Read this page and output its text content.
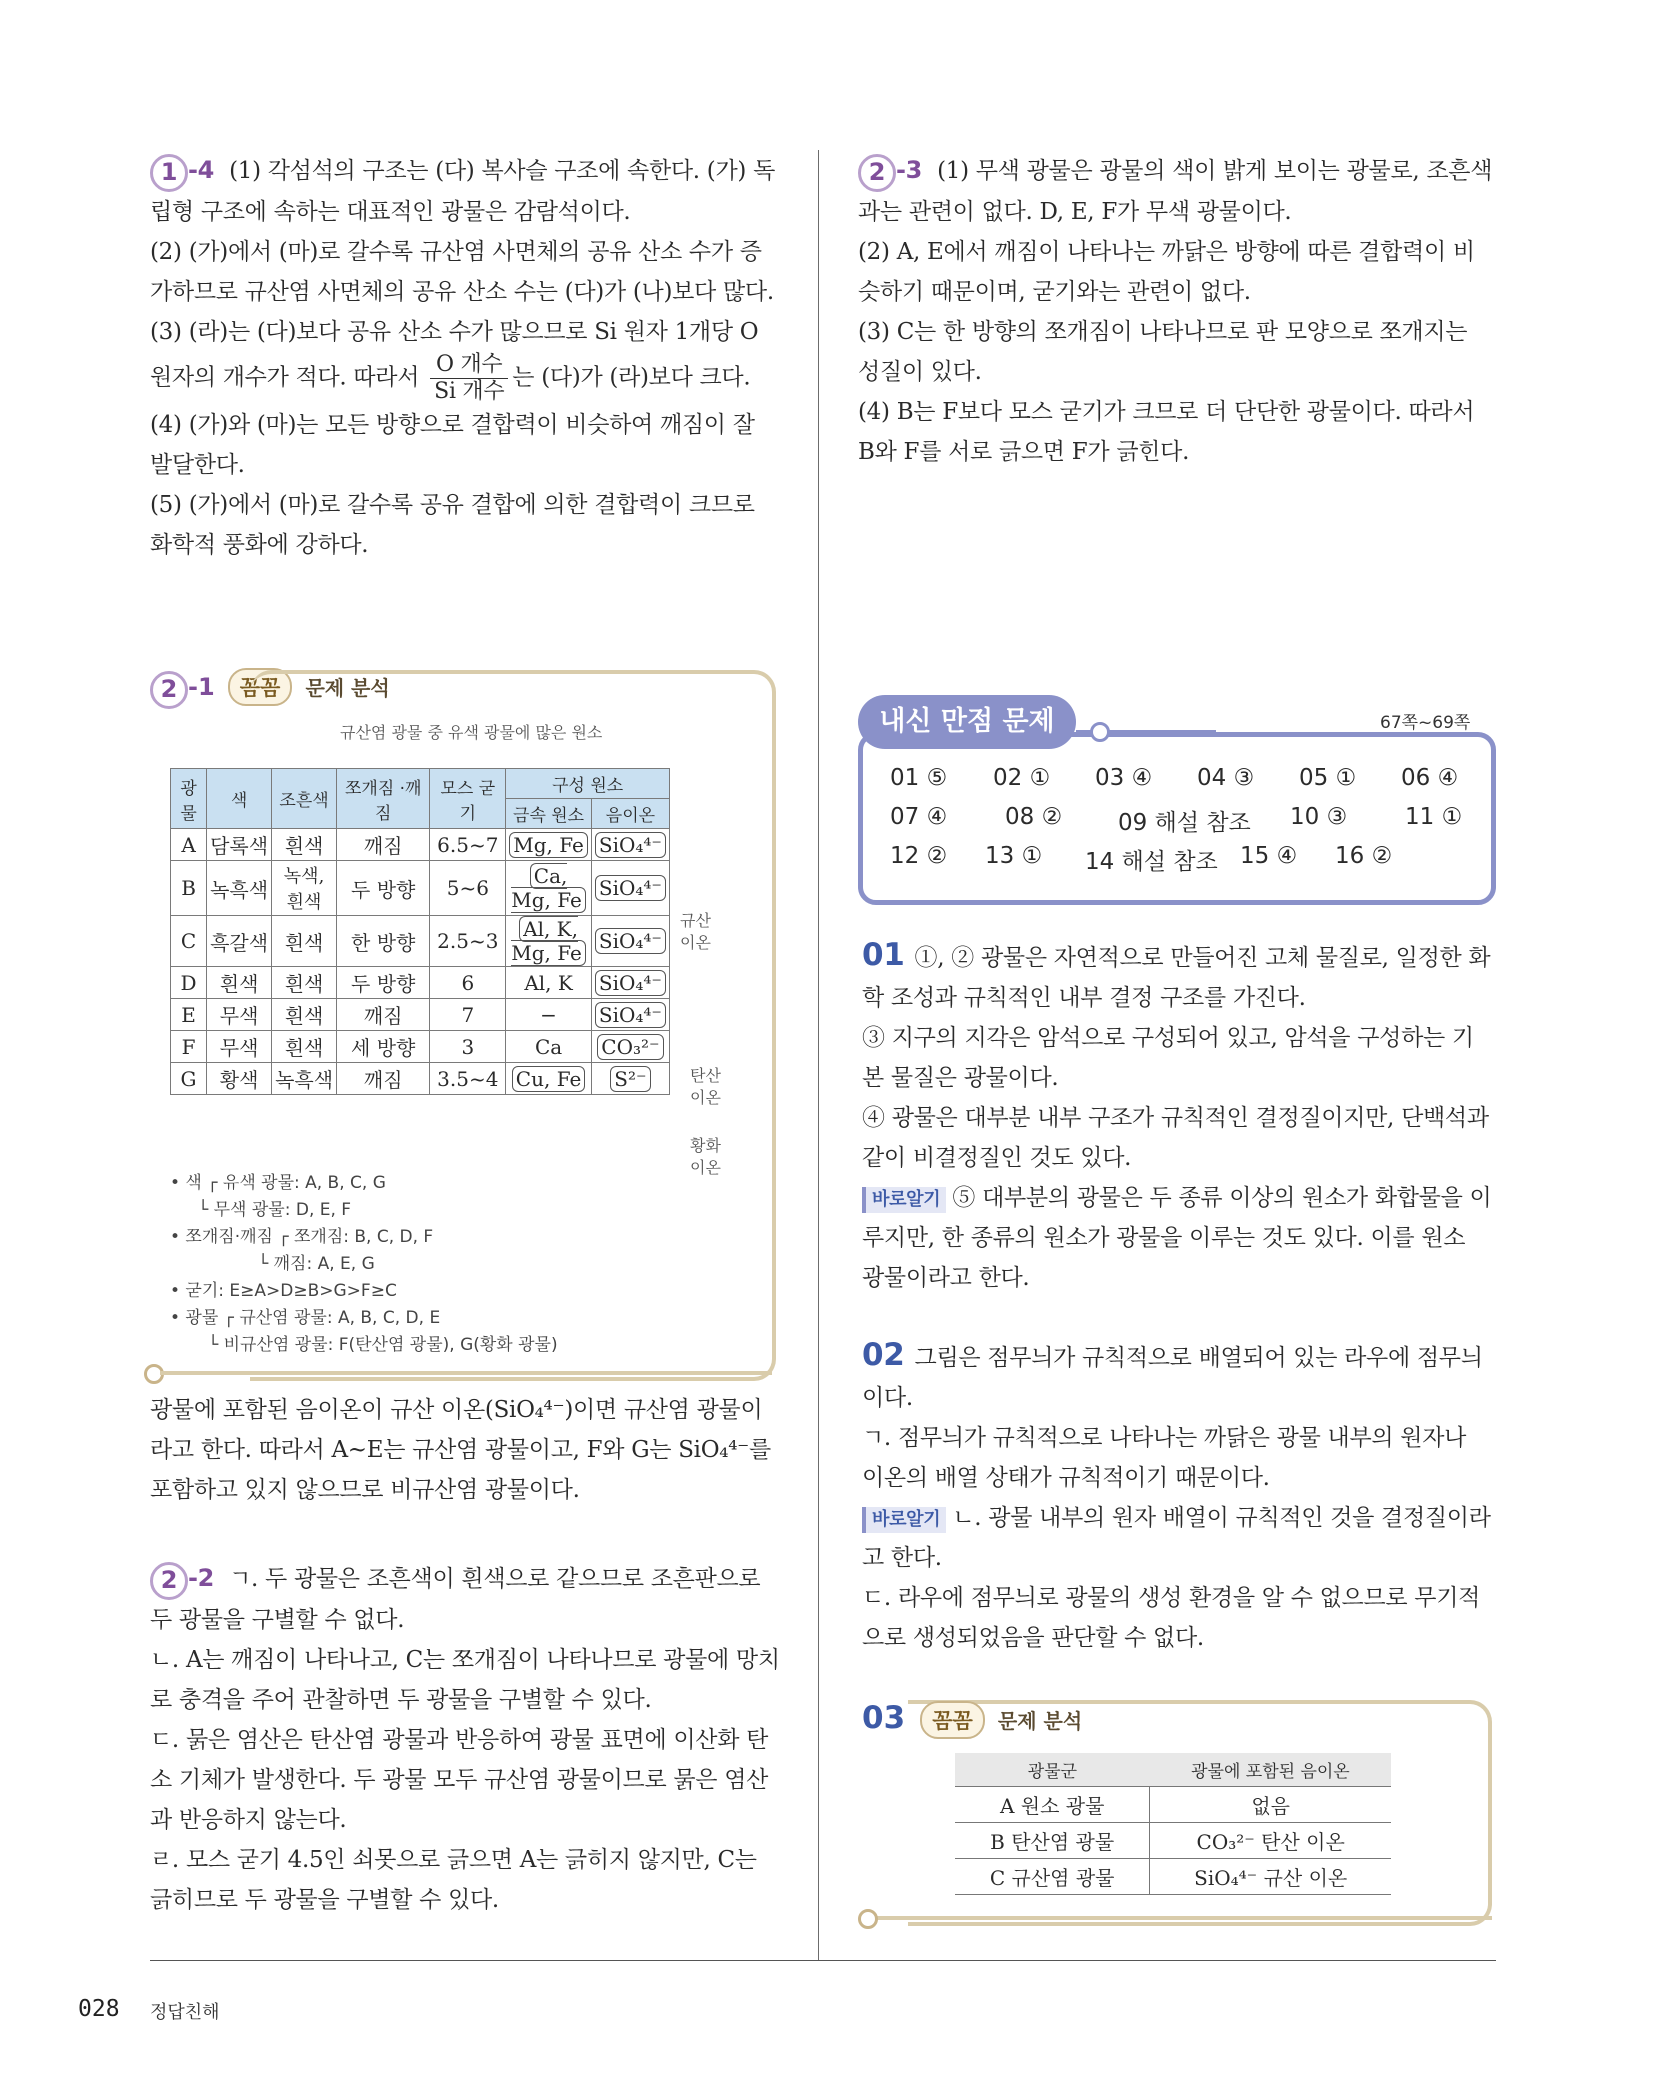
1 -4 (1) 각섬석의 구조는 (다) 복사슬 구조에 속한다. (가) 독립형 구조에 속하는 대표적인 광물은 감람석이다.

(2) (가)에서 (마)로 갈수록 규산염 사면체의 공유 산소 수가 증가하므로 규산염 사면체의 공유 산소 수는 (다)가 (나)보다 많다.

(3) (라)는 (다)보다 공유 산소 수가 많으므로 Si 원자 1개당 O 원자의 개수가 적다. 따라서 $\frac{\text{O 개수}}{\text{Si 개수}}$ 는 (다)가 (라)보다 크다.

(4) (가)와 (마)는 모든 방향으로 결합력이 비슷하여 깨짐이 잘 발달한다.

(5) (가)에서 (마)로 갈수록 공유 결합에 의한 결합력이 크므로 화학적 풍화에 강하다.

2 -1 꼼꼼 문제 분석
규산염 광물 중 유색 광물에 많은 원소
광물	색	조흔색	쪼개짐 ·깨짐	모스 굳기	구성 원소	
					금속 원소	음이온
A	담록색	흰색	깨짐	6.5~7	Mg, Fe	SiO₄⁴⁻
B	녹흑색	녹색, 흰색	두 방향	5~6	Ca, Mg, Fe	SiO₄⁴⁻
C	흑갈색	흰색	한 방향	2.5~3	Al, K, Mg, Fe	SiO₄⁴⁻
D	흰색	흰색	두 방향	6	Al, K	SiO₄⁴⁻
E	무색	흰색	깨짐	7	−	SiO₄⁴⁻
F	무색	흰색	세 방향	3	Ca	CO₃²⁻
G	황색	녹흑색	깨짐	3.5~4	Cu, Fe	S²⁻
규산 이온
탄산 이온
황화 이온

• 색 ┌ 유색 광물: A, B, C, G

└ 무색 광물: D, E, F

• 쪼개짐·깨짐 ┌ 쪼개짐: B, C, D, F

└ 깨짐: A, E, G

• 굳기: E≥A>D≥B>G>F≥C

• 광물 ┌ 규산염 광물: A, B, C, D, E

└ 비규산염 광물: F(탄산염 광물), G(황화 광물)

광물에 포함된 음이온이 규산 이온(SiO₄⁴⁻)이면 규산염 광물이라고 한다. 따라서 A~E는 규산염 광물이고, F와 G는 SiO₄⁴⁻를 포함하고 있지 않으므로 비규산염 광물이다.

2 -2 ㄱ. 두 광물은 조흔색이 흰색으로 같으므로 조흔판으로 두 광물을 구별할 수 없다.

ㄴ. A는 깨짐이 나타나고, C는 쪼개짐이 나타나므로 광물에 망치로 충격을 주어 관찰하면 두 광물을 구별할 수 있다.

ㄷ. 묽은 염산은 탄산염 광물과 반응하여 광물 표면에 이산화 탄소 기체가 발생한다. 두 광물 모두 규산염 광물이므로 묽은 염산과 반응하지 않는다.

ㄹ. 모스 굳기 4.5인 쇠못으로 긁으면 A는 긁히지 않지만, C는 긁히므로 두 광물을 구별할 수 있다.

2 -3 (1) 무색 광물은 광물의 색이 밝게 보이는 광물로, 조흔색과는 관련이 없다. D, E, F가 무색 광물이다.

(2) A, E에서 깨짐이 나타나는 까닭은 방향에 따른 결합력이 비슷하기 때문이며, 굳기와는 관련이 없다.

(3) C는 한 방향의 쪼개짐이 나타나므로 판 모양으로 쪼개지는 성질이 있다.

(4) B는 F보다 모스 굳기가 크므로 더 단단한 광물이다. 따라서 B와 F를 서로 긁으면 F가 긁힌다.

내신 만점 문제	67쪽~69쪽
01 ⑤ 02 ① 03 ④ 04 ③ 05 ① 06 ④
07 ④	08 ② 09 해설 참조 10 ③	11 ①
12 ② 13 ① 14 해설 참조 15 ④ 16 ②

01 ①, ② 광물은 자연적으로 만들어진 고체 물질로, 일정한 화학 조성과 규칙적인 내부 결정 구조를 가진다.

③ 지구의 지각은 암석으로 구성되어 있고, 암석을 구성하는 기본 물질은 광물이다.

④ 광물은 대부분 내부 구조가 규칙적인 결정질이지만, 단백석과 같이 비결정질인 것도 있다.

바로알기 ⑤ 대부분의 광물은 두 종류 이상의 원소가 화합물을 이루지만, 한 종류의 원소가 광물을 이루는 것도 있다. 이를 원소 광물이라고 한다.

02 그림은 점무늬가 규칙적으로 배열되어 있는 라우에 점무늬이다.

ㄱ. 점무늬가 규칙적으로 나타나는 까닭은 광물 내부의 원자나 이온의 배열 상태가 규칙적이기 때문이다.

바로알기 ㄴ. 광물 내부의 원자 배열이 규칙적인 것을 결정질이라고 한다.

ㄷ. 라우에 점무늬로 광물의 생성 환경을 알 수 없으므로 무기적으로 생성되었음을 판단할 수 없다.

03 꼼꼼 문제 분석
광물군	광물에 포함된 음이온
A 원소 광물	없음
B 탄산염 광물	CO₃²⁻ 탄산 이온
C 규산염 광물	SiO₄⁴⁻ 규산 이온
028 정답친해
